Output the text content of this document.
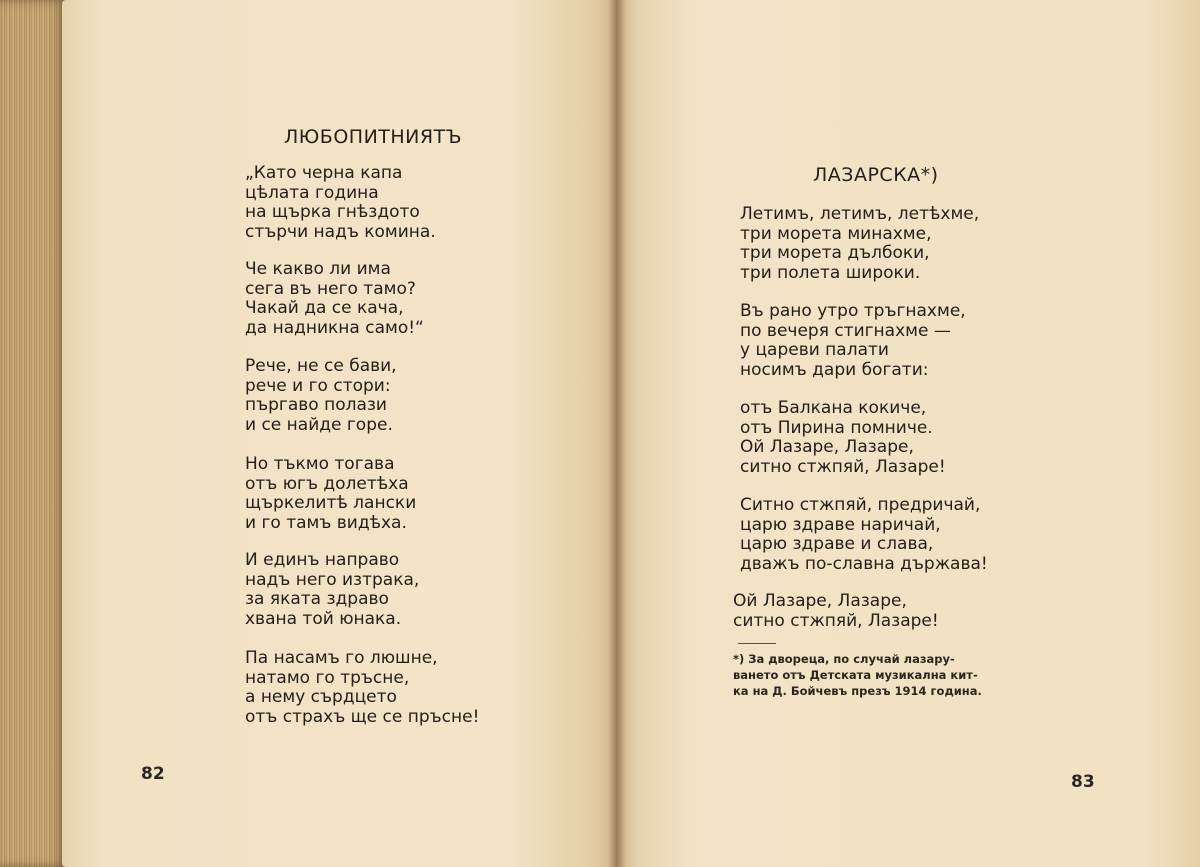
ЛЮБОПИТНИЯТЪ
„Като черна капа
цѣлата година
на щърка гнѣздото
стърчи надъ комина.
Че какво ли има
сега въ него тамо?
Чакай да се кача,
да надникна само!“
Рече, не се бави,
рече и го стори:
пъргаво полази
и се найде горе.
Но тъкмо тогава
отъ югъ долетѣха
щъркелитѣ лански
и го тамъ видѣха.
И единъ направо
надъ него изтрака,
за яката здраво
хвана той юнака.
Па насамъ го люшне,
натамо го тръсне,
а нему сърдцето
отъ страхъ ще се пръсне!
82
ЛАЗАРСКА*)
Летимъ, летимъ, летѣхме,
три морета минахме,
три морета дълбоки,
три полета широки.
Въ рано утро тръгнахме,
по вечеря стигнахме —
у цареви палати
носимъ дари богати:
отъ Балкана кокиче,
отъ Пирина помниче.
Ой Лазаре, Лазаре,
ситно стжпяй, Лазаре!
Ситно стжпяй, предричай,
царю здраве наричай,
царю здраве и слава,
дважъ по-славна държава!
Ой Лазаре, Лазаре,
ситно стжпяй, Лазаре!
*) За дворeца, по случай лазару-
ването отъ Детската музикална кит-
ка на Д. Бойчевъ презъ 1914 година.
83
